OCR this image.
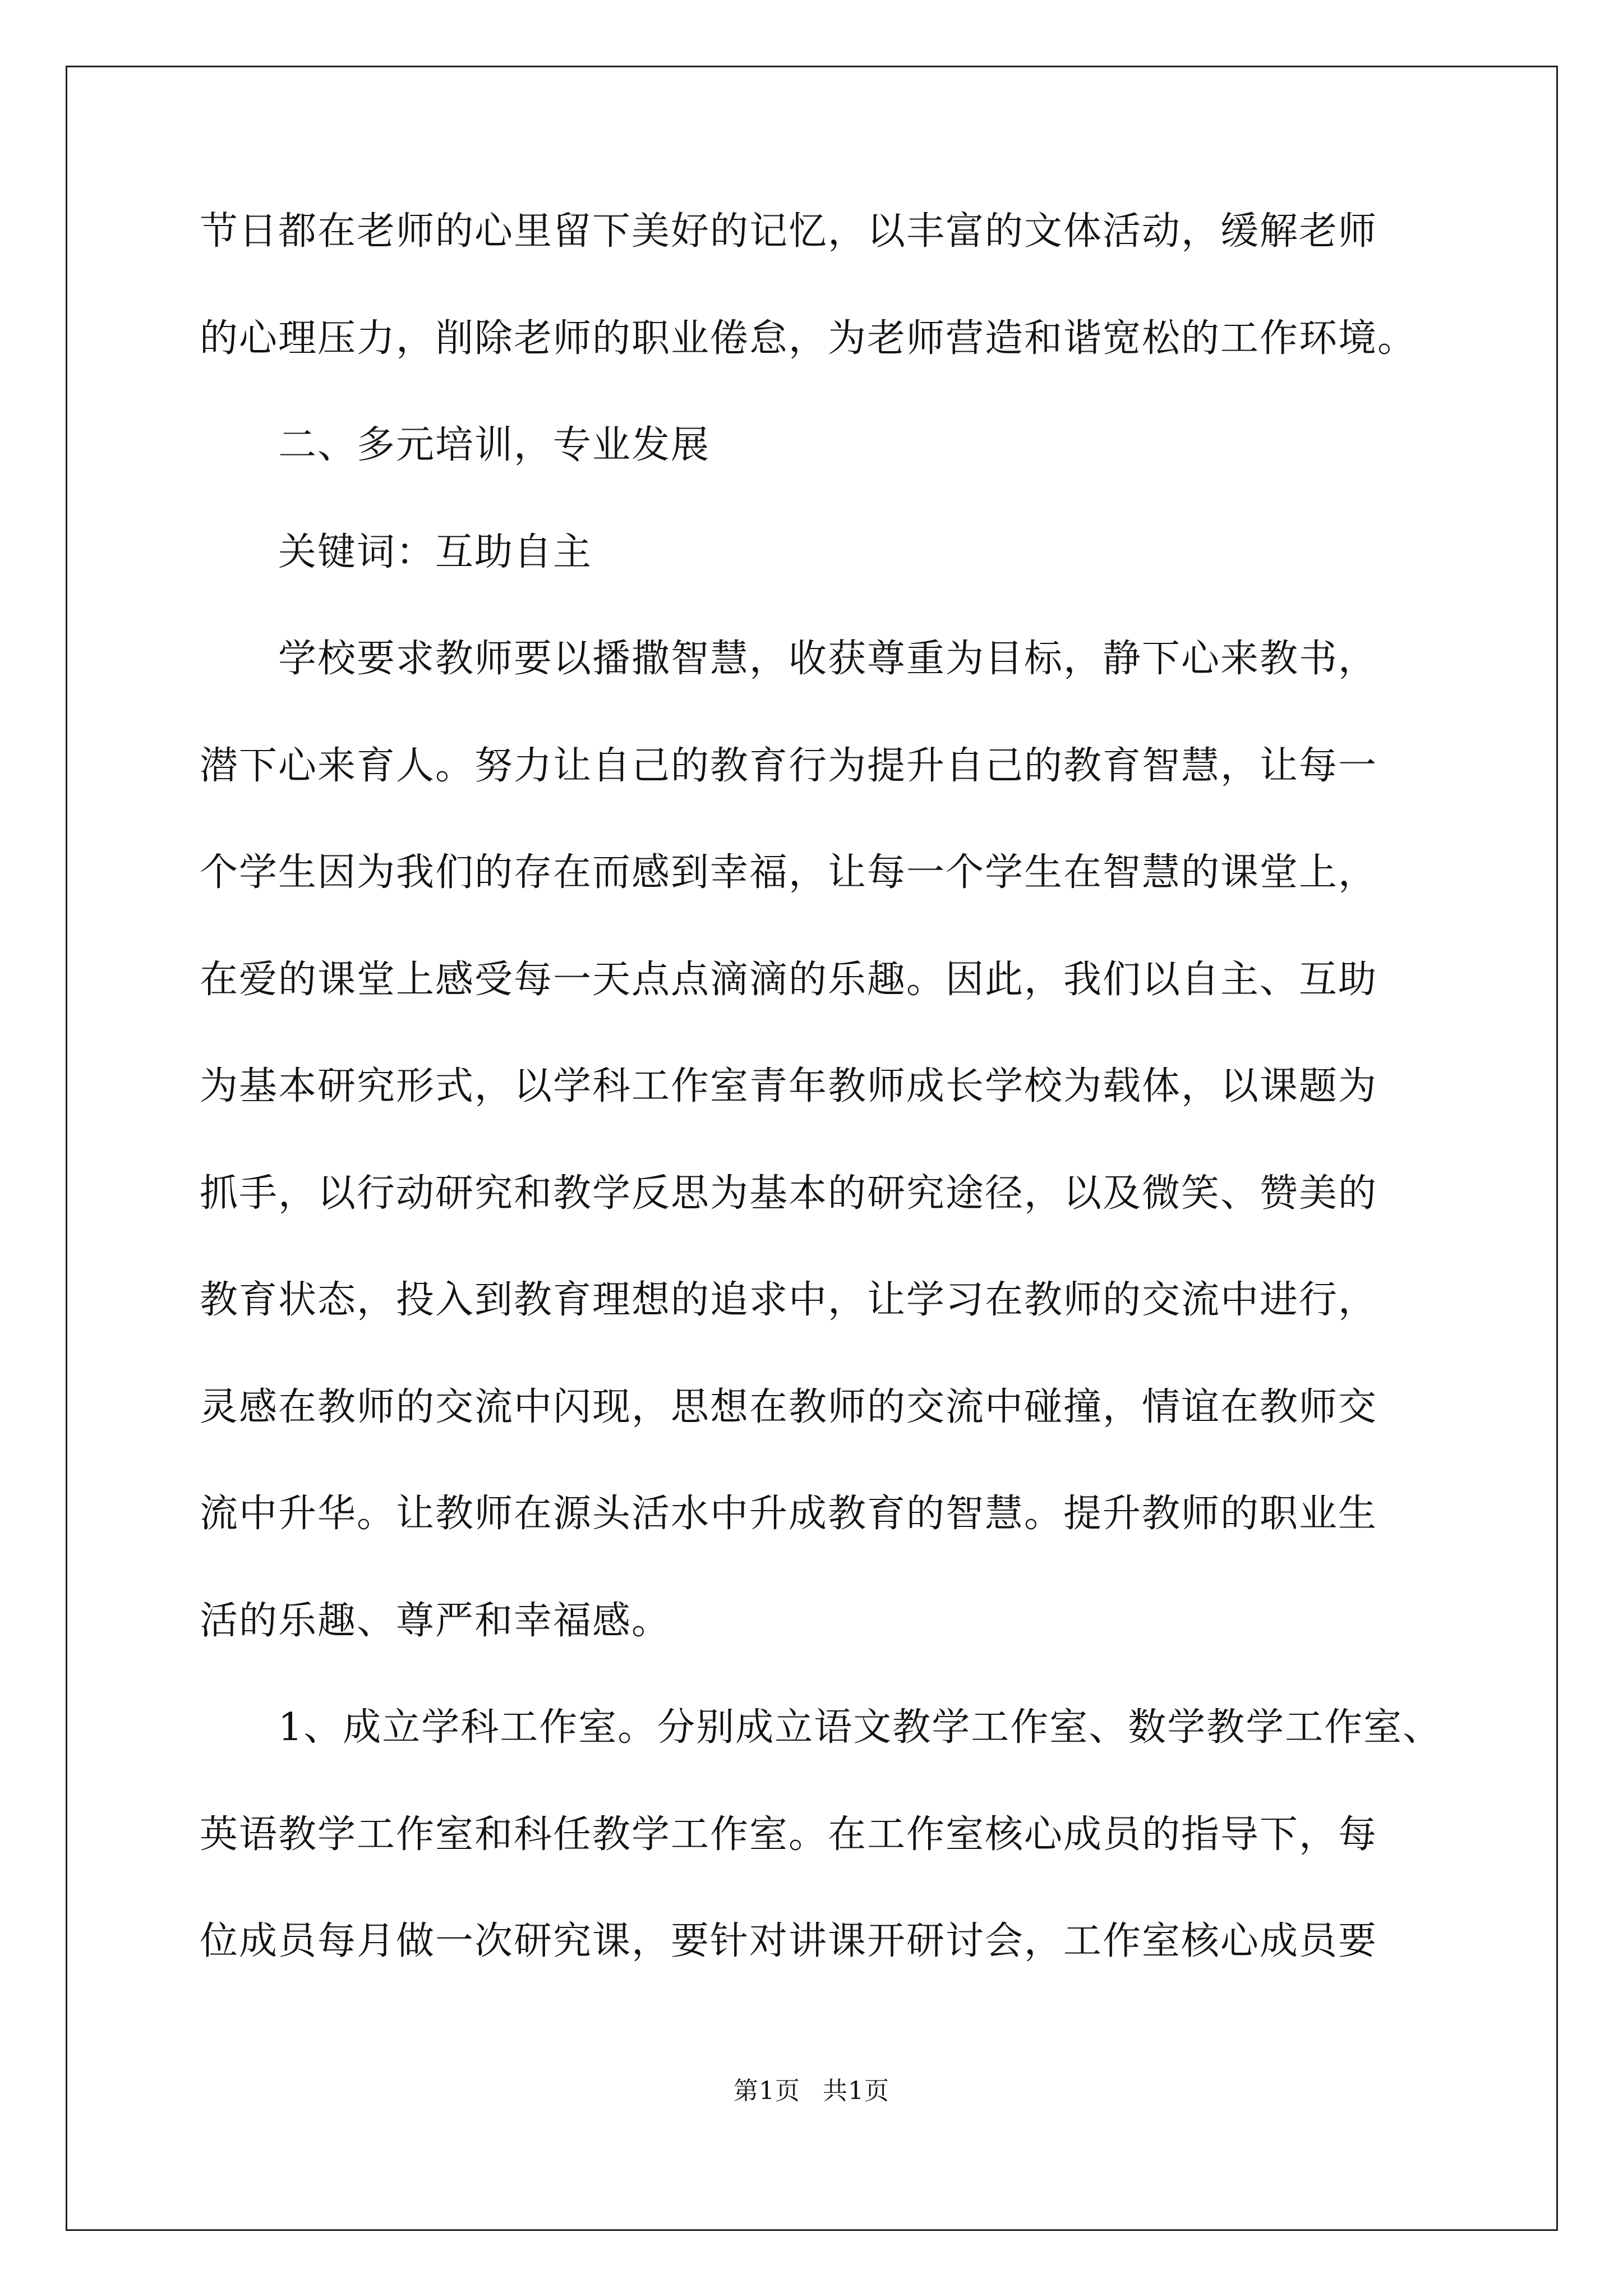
节日都在老师的心里留下美好的记忆，以丰富的文体活动，缓解老师
的心理压力，削除老师的职业倦怠，为老师营造和谐宽松的工作环境。
二、多元培训，专业发展
关键词：互助自主
学校要求教师要以播撒智慧，收获尊重为目标，静下心来教书，
潜下心来育人。努力让自己的教育行为提升自己的教育智慧，让每一
个学生因为我们的存在而感到幸福，让每一个学生在智慧的课堂上，
在爱的课堂上感受每一天点点滴滴的乐趣。因此，我们以自主、互助
为基本研究形式，以学科工作室青年教师成长学校为载体，以课题为
抓手，以行动研究和教学反思为基本的研究途径，以及微笑、赞美的
教育状态，投入到教育理想的追求中，让学习在教师的交流中进行，
灵感在教师的交流中闪现，思想在教师的交流中碰撞，情谊在教师交
流中升华。让教师在源头活水中升成教育的智慧。提升教师的职业生
活的乐趣、尊严和幸福感。
1、成立学科工作室。分别成立语文教学工作室、数学教学工作室、
英语教学工作室和科任教学工作室。在工作室核心成员的指导下，每
位成员每月做一次研究课，要针对讲课开研讨会，工作室核心成员要
第1页 共1页
